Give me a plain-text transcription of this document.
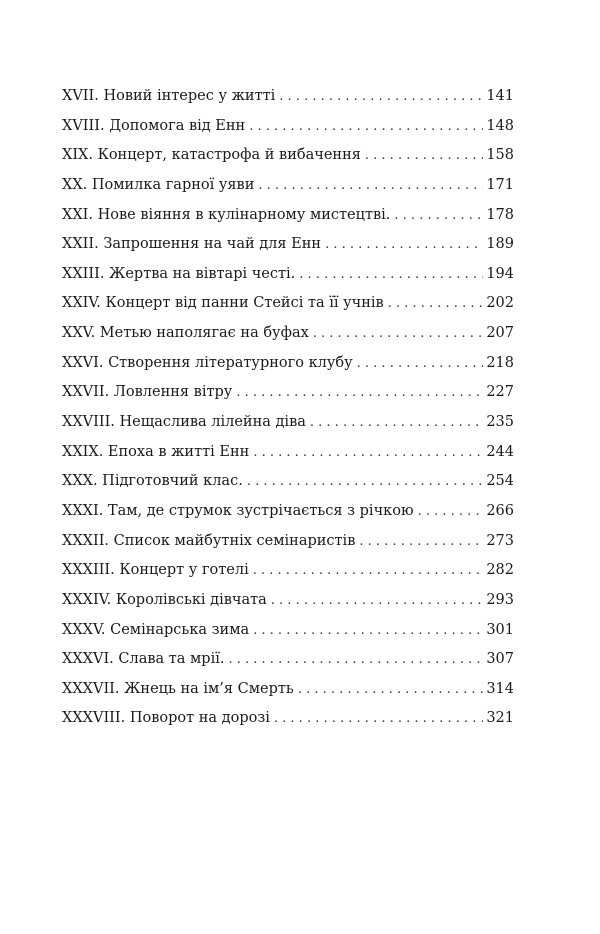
XVII. Новий інтерес у житті . . .	141
XVIII. Допомога від Енн . . .	148
XIX. Концерт, катастрофа й вибачення . . .	158
XX. Помилка гарної уяви . . .	171
XXI. Нове віяння в кулінарному мистецтві. . . .	178
XXII. Запрошення на чай для Енн . . .	189
XXIII. Жертва на вівтарі честі. . . .	194
XXIV. Концерт від панни Стейсі та її учнів . . .	202
XXV. Метью наполягає на буфах . . .	207
XXVI. Створення літературного клубу . . .	218
XXVII. Ловлення вітру . . .	227
XXVIII. Нещаслива лілейна діва . . .	235
XXIX. Епоха в житті Енн . . .	244
XXX. Підготовчий клас. . . .	254
XXXI. Там, де струмок зустрічається з річкою . . .	266
XXXII. Список майбутніх семінаристів . . .	273
XXXIII. Концерт у готелі . . .	282
XXXIV. Королівські дівчата . . .	293
XXXV. Семінарська зима . . .	301
XXXVI. Слава та мрії. . . .	307
XXXVII. Жнець на ім’я Смерть . . .	314
XXXVIII. Поворот на дорозі . . .	321
